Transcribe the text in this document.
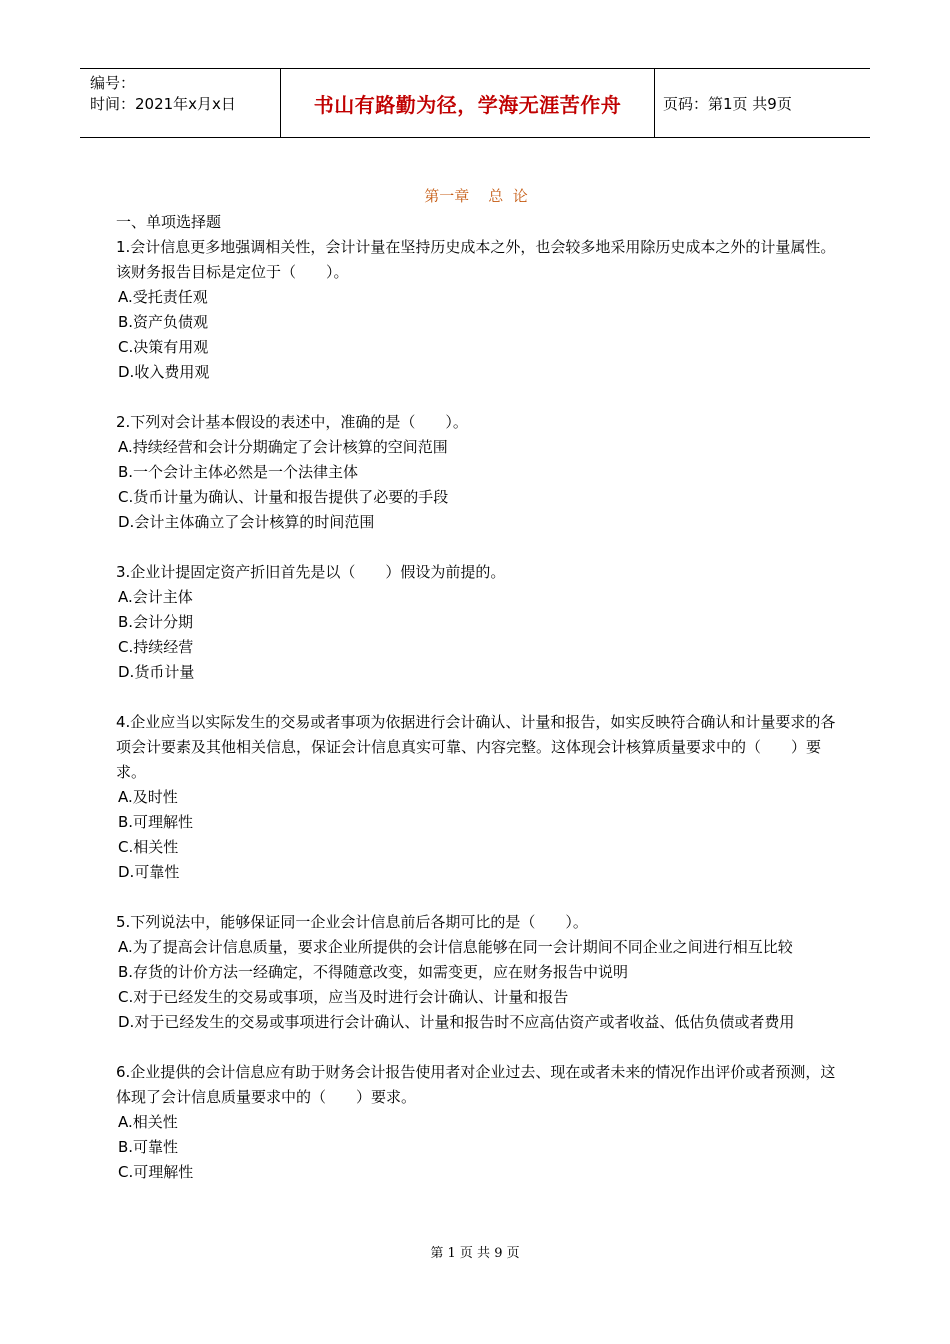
编号：
时间：2021年x月x日	书山有路勤为径，学海无涯苦作舟	页码：第1页 共9页
第一章    总  论
一、单项选择题
1.会计信息更多地强调相关性，会计计量在坚持历史成本之外，也会较多地采用除历史成本之外的计量属性。该财务报告目标是定位于（　　）。
A.受托责任观
B.资产负债观
C.决策有用观
D.收入费用观
2.下列对会计基本假设的表述中，准确的是（　　）。
A.持续经营和会计分期确定了会计核算的空间范围
B.一个会计主体必然是一个法律主体
C.货币计量为确认、计量和报告提供了必要的手段
D.会计主体确立了会计核算的时间范围
3.企业计提固定资产折旧首先是以（　　）假设为前提的。
A.会计主体
B.会计分期
C.持续经营
D.货币计量
4.企业应当以实际发生的交易或者事项为依据进行会计确认、计量和报告，如实反映符合确认和计量要求的各项会计要素及其他相关信息，保证会计信息真实可靠、内容完整。这体现会计核算质量要求中的（　　）要求。
A.及时性
B.可理解性
C.相关性
D.可靠性
5.下列说法中，能够保证同一企业会计信息前后各期可比的是（　　）。
A.为了提高会计信息质量，要求企业所提供的会计信息能够在同一会计期间不同企业之间进行相互比较
B.存货的计价方法一经确定，不得随意改变，如需变更，应在财务报告中说明
C.对于已经发生的交易或事项，应当及时进行会计确认、计量和报告
D.对于已经发生的交易或事项进行会计确认、计量和报告时不应高估资产或者收益、低估负债或者费用
6.企业提供的会计信息应有助于财务会计报告使用者对企业过去、现在或者未来的情况作出评价或者预测，这体现了会计信息质量要求中的（　　）要求。
A.相关性
B.可靠性
C.可理解性
第 1 页 共 9 页
